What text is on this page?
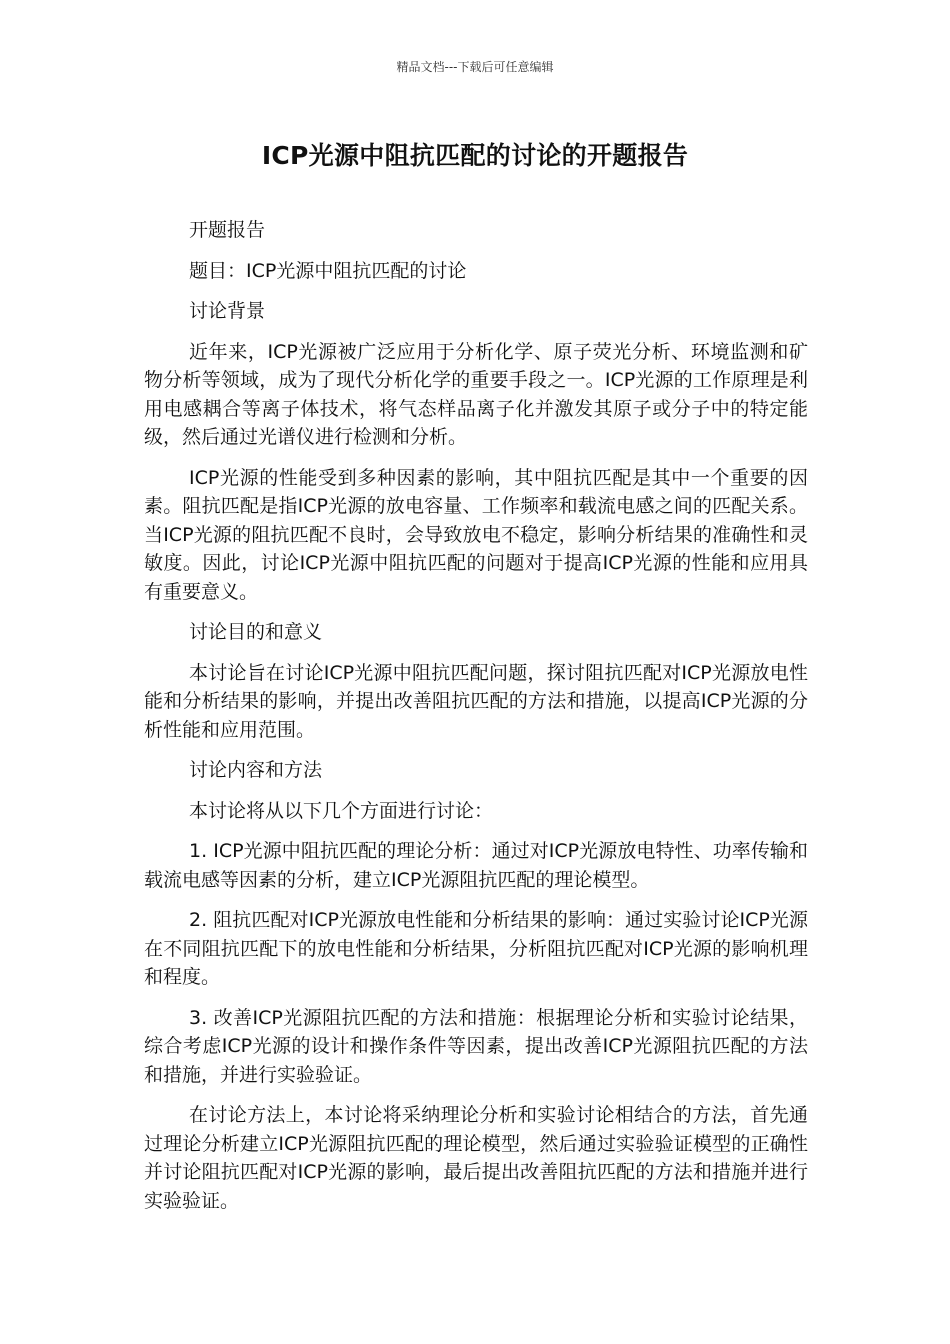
精品文档---下载后可任意编辑
ICP光源中阻抗匹配的讨论的开题报告

开题报告

题目：ICP光源中阻抗匹配的讨论

讨论背景

近年来，ICP光源被广泛应用于分析化学、原子荧光分析、环境监测和矿物分析等领域，成为了现代分析化学的重要手段之一。ICP光源的工作原理是利用电感耦合等离子体技术，将气态样品离子化并激发其原子或分子中的特定能级，然后通过光谱仪进行检测和分析。

ICP光源的性能受到多种因素的影响，其中阻抗匹配是其中一个重要的因素。阻抗匹配是指ICP光源的放电容量、工作频率和载流电感之间的匹配关系。当ICP光源的阻抗匹配不良时，会导致放电不稳定，影响分析结果的准确性和灵敏度。因此，讨论ICP光源中阻抗匹配的问题对于提高ICP光源的性能和应用具有重要意义。

讨论目的和意义

本讨论旨在讨论ICP光源中阻抗匹配问题，探讨阻抗匹配对ICP光源放电性能和分析结果的影响，并提出改善阻抗匹配的方法和措施，以提高ICP光源的分析性能和应用范围。

讨论内容和方法

本讨论将从以下几个方面进行讨论：

1. ICP光源中阻抗匹配的理论分析：通过对ICP光源放电特性、功率传输和载流电感等因素的分析，建立ICP光源阻抗匹配的理论模型。

2. 阻抗匹配对ICP光源放电性能和分析结果的影响：通过实验讨论ICP光源在不同阻抗匹配下的放电性能和分析结果，分析阻抗匹配对ICP光源的影响机理和程度。

3. 改善ICP光源阻抗匹配的方法和措施：根据理论分析和实验讨论结果，综合考虑ICP光源的设计和操作条件等因素，提出改善ICP光源阻抗匹配的方法和措施，并进行实验验证。

在讨论方法上，本讨论将采纳理论分析和实验讨论相结合的方法，首先通过理论分析建立ICP光源阻抗匹配的理论模型，然后通过实验验证模型的正确性并讨论阻抗匹配对ICP光源的影响，最后提出改善阻抗匹配的方法和措施并进行实验验证。
